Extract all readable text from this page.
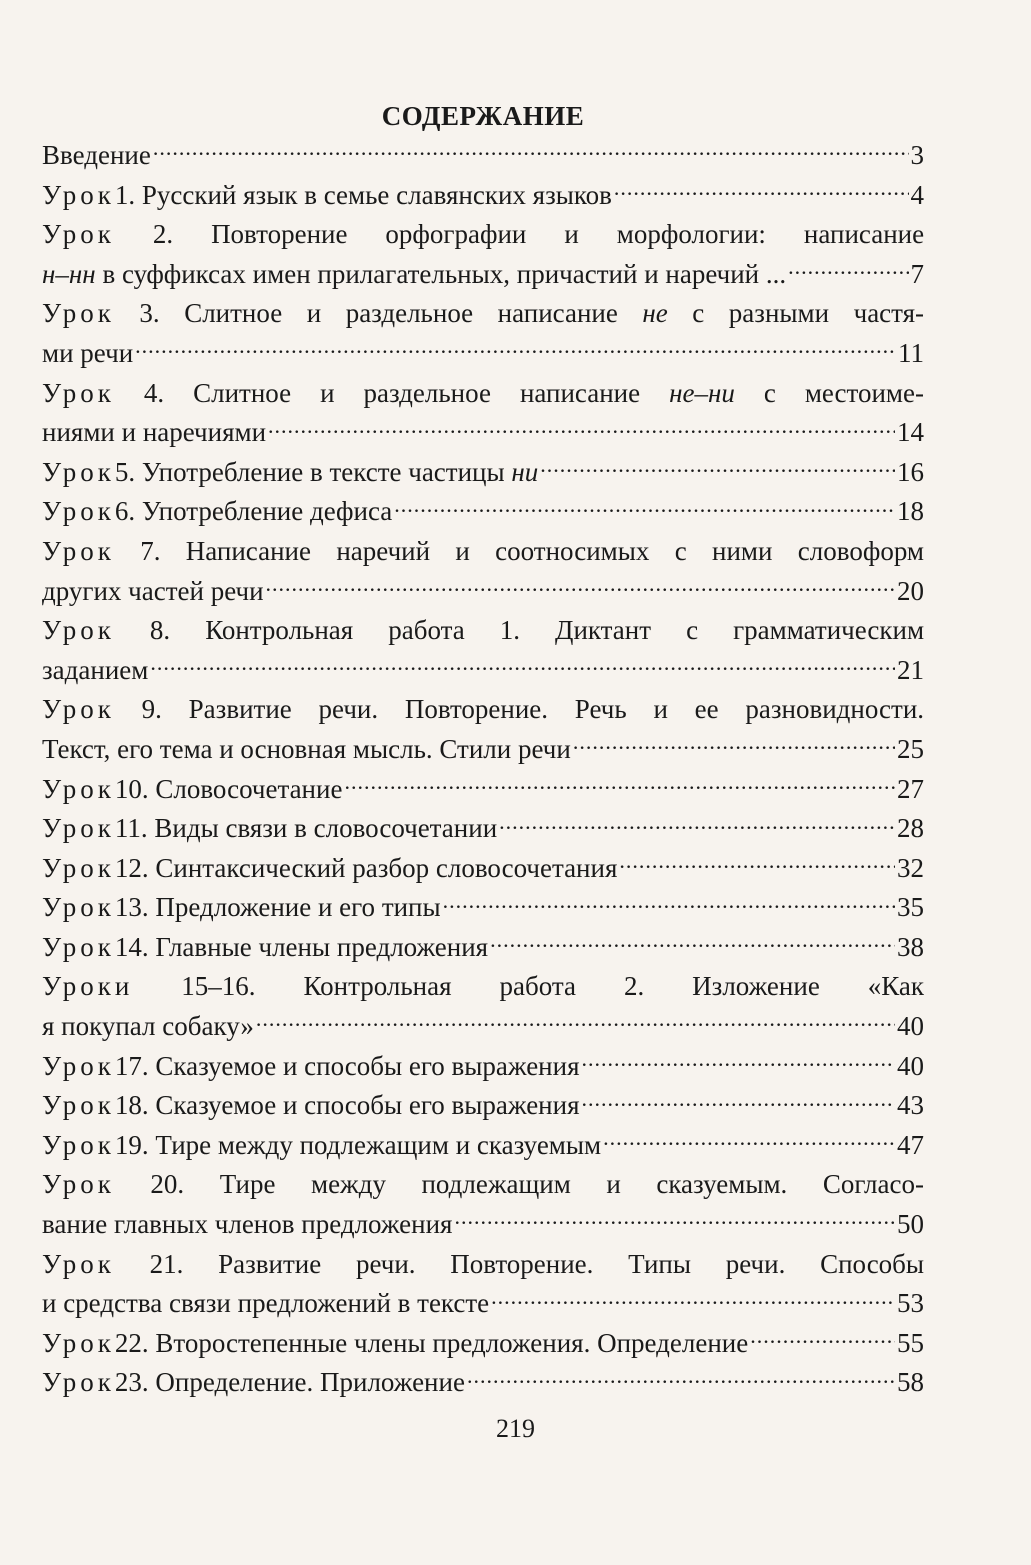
СОДЕРЖАНИЕ
Введение .....	3
Урок 1. Русский язык в семье славянских языков .....	4
Урок 2. Повторение орфографии и морфологии: написание
н–нн в суффиксах имен прилагательных, причастий и наречий ... .....	7
Урок 3. Слитное и раздельное написание не с разными частя-
ми речи .....	11
Урок 4. Слитное и раздельное написание не–ни с местоиме-
ниями и наречиями .....	14
Урок 5. Употребление в тексте частицы ни .....	16
Урок 6. Употребление дефиса .....	18
Урок 7. Написание наречий и соотносимых с ними словоформ
других частей речи .....	20
Урок 8. Контрольная работа 1. Диктант с грамматическим
заданием .....	21
Урок 9. Развитие речи. Повторение. Речь и ее разновидности.
Текст, его тема и основная мысль. Стили речи .....	25
Урок 10. Словосочетание .....	27
Урок 11. Виды связи в словосочетании .....	28
Урок 12. Синтаксический разбор словосочетания .....	32
Урок 13. Предложение и его типы .....	35
Урок 14. Главные члены предложения .....	38
Уроки 15–16. Контрольная работа 2. Изложение «Как
я покупал собаку» .....	40
Урок 17. Сказуемое и способы его выражения .....	40
Урок 18. Сказуемое и способы его выражения .....	43
Урок 19. Тире между подлежащим и сказуемым .....	47
Урок 20. Тире между подлежащим и сказуемым. Согласо-
вание главных членов предложения .....	50
Урок 21. Развитие речи. Повторение. Типы речи. Способы
и средства связи предложений в тексте .....	53
Урок 22. Второстепенные члены предложения. Определение .....	55
Урок 23. Определение. Приложение .....	58
219
